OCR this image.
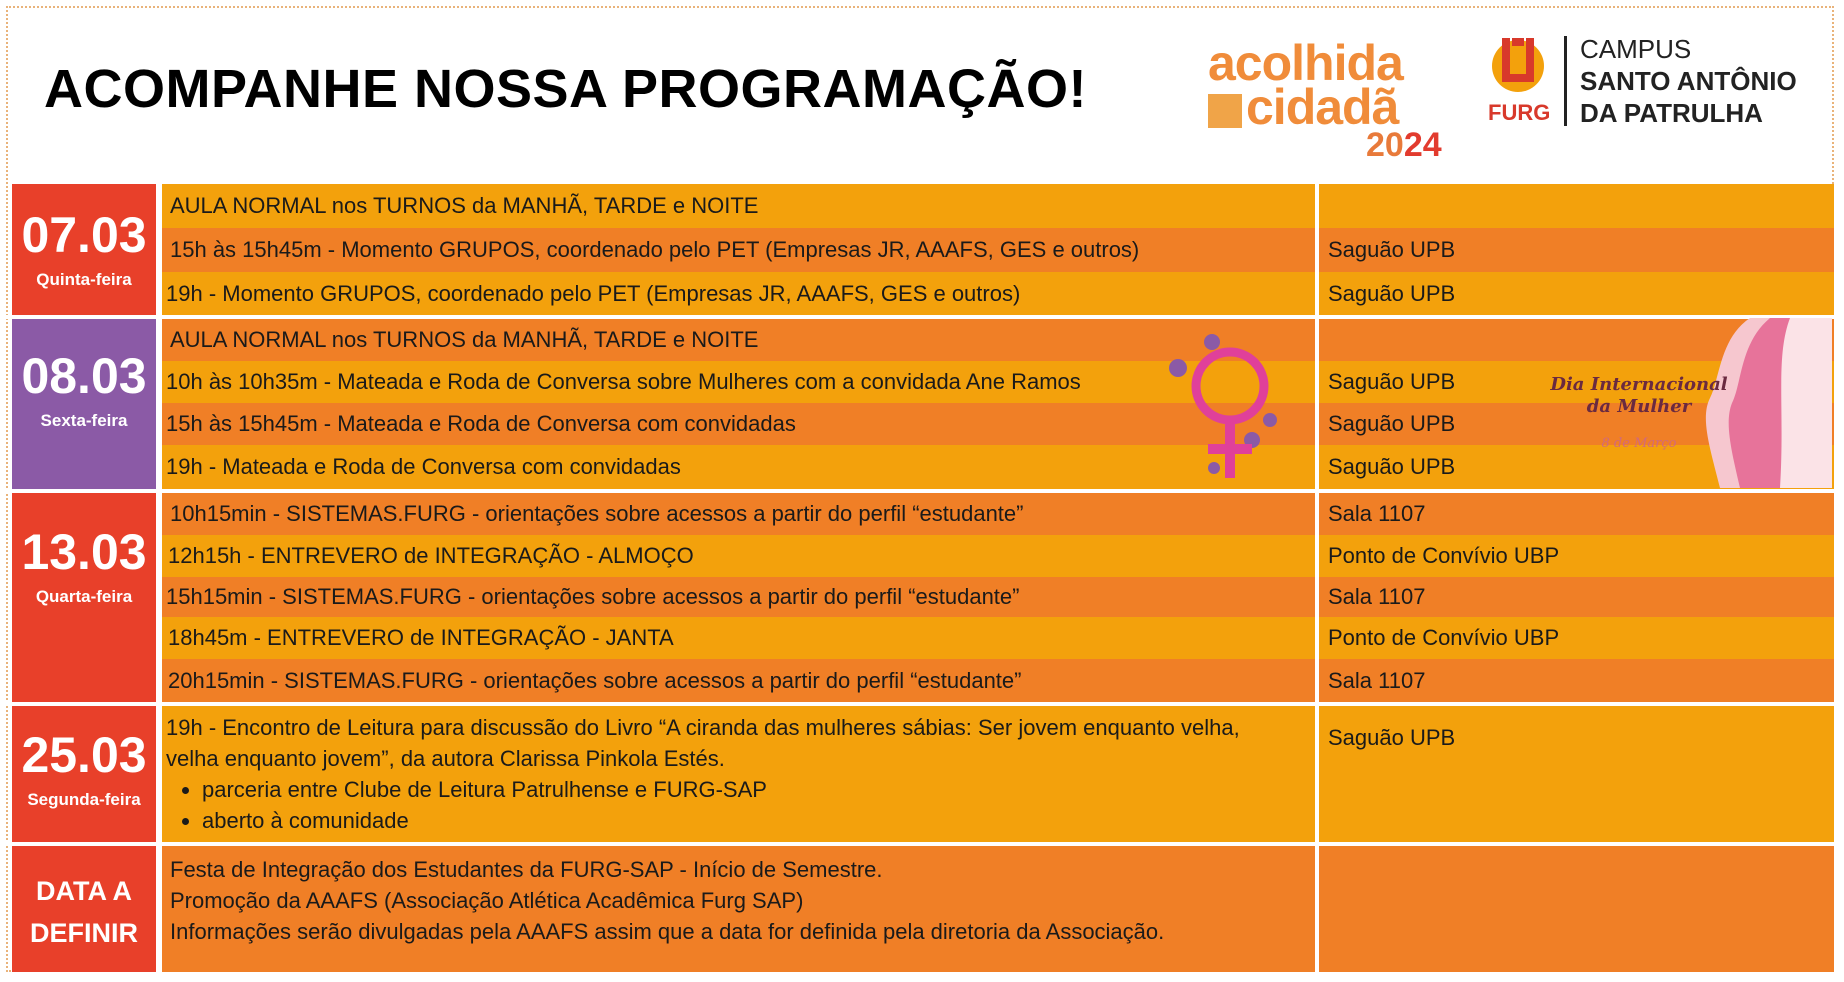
ACOMPANHE NOSSA PROGRAMAÇÃO! acolhida
cidadã
2024
FURG
CAMPUS
SANTO ANTÔNIO
DA PATRULHA
07.03
Quinta-feira
AULA NORMAL nos TURNOS da MANHÃ, TARDE e NOITE
15h às 15h45m - Momento GRUPOS, coordenado pelo PET (Empresas JR, AAAFS, GES e outros)	Saguão UPB
19h - Momento GRUPOS, coordenado pelo PET (Empresas JR, AAAFS, GES e outros)	Saguão UPB
08.03
Sexta-feira
AULA NORMAL nos TURNOS da MANHÃ, TARDE e NOITE
10h às 10h35m - Mateada e Roda de Conversa sobre Mulheres com a convidada Ane Ramos	Saguão UPB
15h às 15h45m - Mateada e Roda de Conversa com convidadas	Saguão UPB
19h - Mateada e Roda de Conversa com convidadas	Saguão UPB
Dia Internacional
da Mulher
8 de Março
13.03
Quarta-feira
10h15min - SISTEMAS.FURG - orientações sobre acessos a partir do perfil “estudante”	Sala 1107
12h15h - ENTREVERO de INTEGRAÇÃO - ALMOÇO	Ponto de Convívio UBP
15h15min - SISTEMAS.FURG - orientações sobre acessos a partir do perfil “estudante”	Sala 1107
18h45m - ENTREVERO de INTEGRAÇÃO - JANTA	Ponto de Convívio UBP
20h15min - SISTEMAS.FURG - orientações sobre acessos a partir do perfil “estudante”	Sala 1107
25.03
Segunda-feira
19h - Encontro de Leitura para discussão do Livro “A ciranda das mulheres sábias: Ser jovem enquanto velha,
velha enquanto jovem”, da autora Clarissa Pinkola Estés.
• parceria entre Clube de Leitura Patrulhense e FURG-SAP
• aberto à comunidade
Saguão UPB
DATA A
DEFINIR
Festa de Integração dos Estudantes da FURG-SAP - Início de Semestre.
Promoção da AAAFS (Associação Atlética Acadêmica Furg SAP)
Informações serão divulgadas pela AAAFS assim que a data for definida pela diretoria da Associação.
